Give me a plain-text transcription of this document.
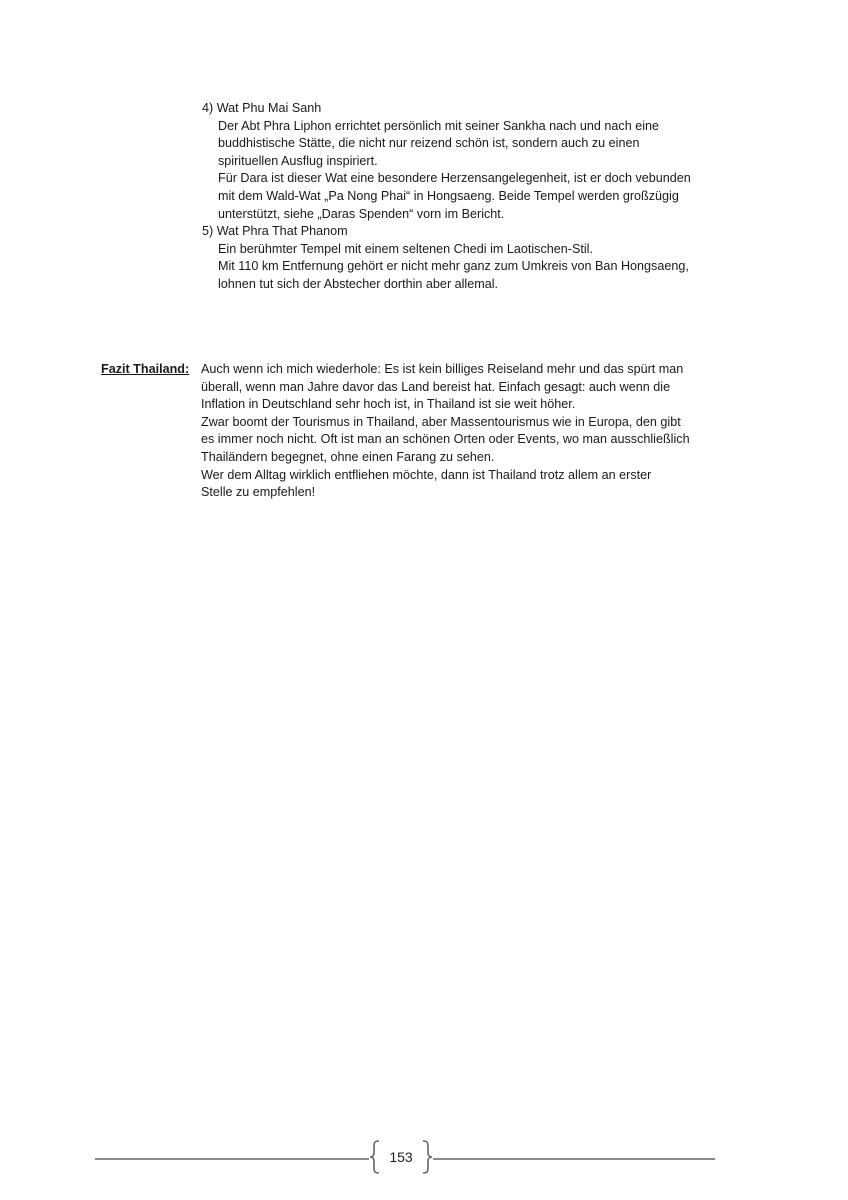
4) Wat Phu Mai Sanh
Der Abt Phra Liphon errichtet persönlich mit seiner Sankha nach und nach eine
buddhistische Stätte, die nicht nur reizend schön ist, sondern auch zu einen
spirituellen Ausflug inspiriert.
Für Dara ist dieser Wat eine besondere Herzensangelegenheit, ist er doch vebunden
mit dem Wald-Wat „Pa Nong Phai“ in Hongsaeng. Beide Tempel werden großzügig
unterstützt, siehe „Daras Spenden“ vorn im Bericht.
5) Wat Phra That Phanom
Ein berühmter Tempel mit einem seltenen Chedi im Laotischen-Stil.
Mit 110 km Entfernung gehört er nicht mehr ganz zum Umkreis von Ban Hongsaeng,
lohnen tut sich der Abstecher dorthin aber allemal.
Fazit Thailand: Auch wenn ich mich wiederhole: Es ist kein billiges Reiseland mehr und das spürt man
überall, wenn man Jahre davor das Land bereist hat. Einfach gesagt: auch wenn die
Inflation in Deutschland sehr hoch ist, in Thailand ist sie weit höher.
Zwar boomt der Tourismus in Thailand, aber Massentourismus wie in Europa, den gibt
es immer noch nicht. Oft ist man an schönen Orten oder Events, wo man ausschließlich
Thailändern begegnet, ohne einen Farang zu sehen.
Wer dem Alltag wirklich entfliehen möchte, dann ist Thailand trotz allem an erster
Stelle zu empfehlen!
153
